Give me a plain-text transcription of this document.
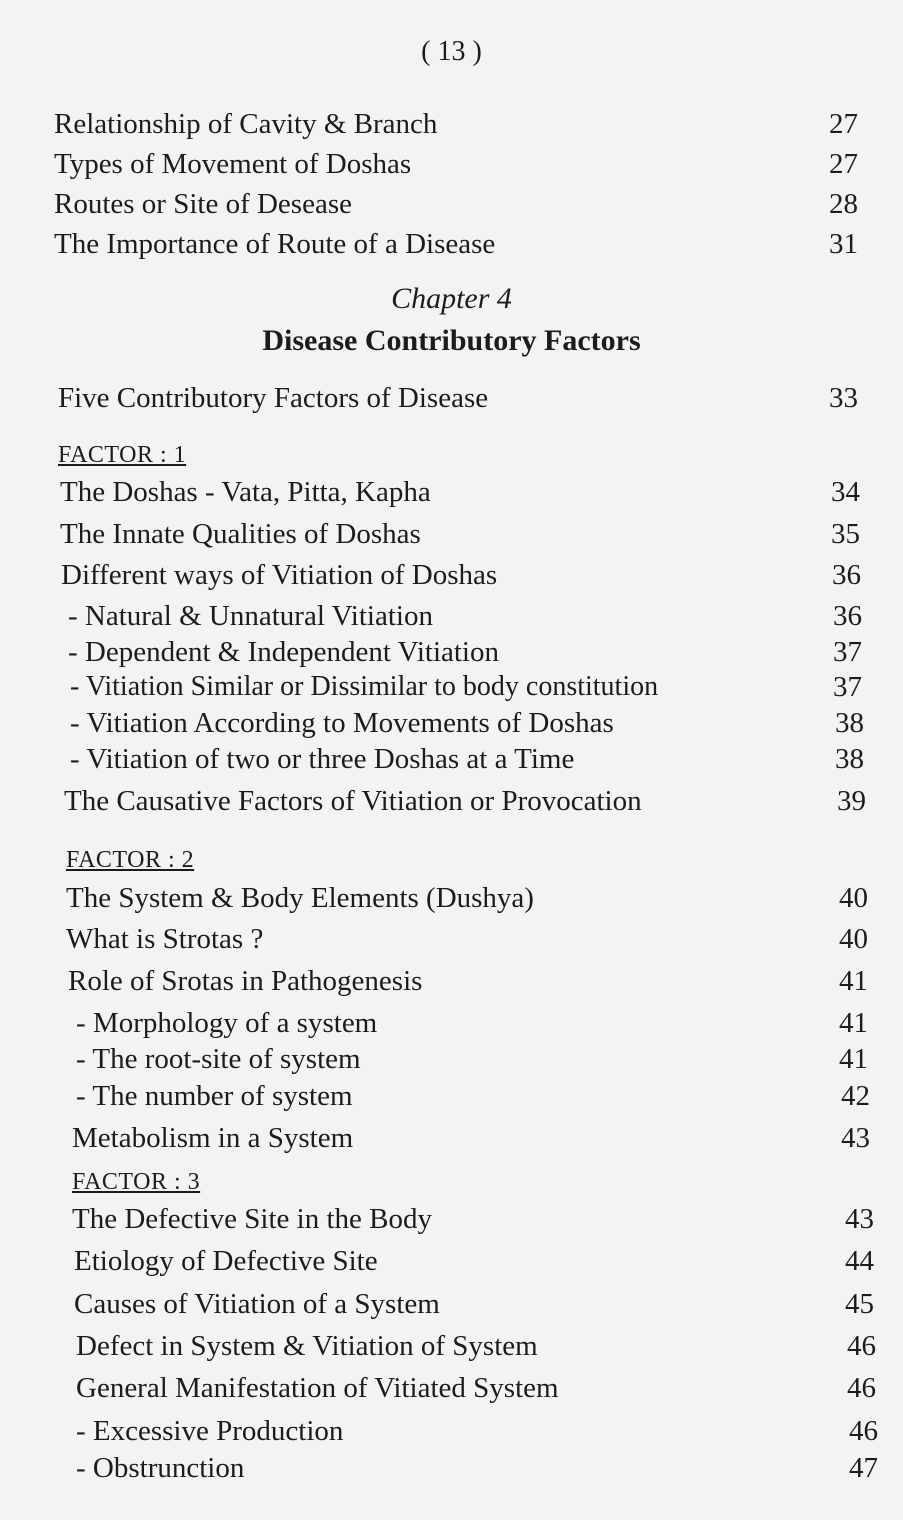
( 13 )
Relationship of Cavity & Branch	27
Types of Movement of Doshas	27
Routes or Site of Desease	28
The Importance of Route of a Disease	31
Chapter 4
Disease Contributory Factors
Five Contributory Factors of Disease	33
FACTOR : 1
The Doshas - Vata, Pitta, Kapha	34
The Innate Qualities of Doshas	35
Different ways of Vitiation of Doshas	36
- Natural & Unnatural Vitiation	36
- Dependent & Independent Vitiation	37
- Vitiation Similar or Dissimilar to body constitution	37
- Vitiation According to Movements of Doshas	38
- Vitiation of two or three Doshas at a Time	38
The Causative Factors of Vitiation or Provocation	39
FACTOR : 2
The System & Body Elements (Dushya)	40
What is Strotas ?	40
Role of Srotas in Pathogenesis	41
- Morphology of a system	41
- The root-site of system	41
- The number of system	42
Metabolism in a System	43
FACTOR : 3
The Defective Site in the Body	43
Etiology of Defective Site	44
Causes of Vitiation of a System	45
Defect in System & Vitiation of System	46
General Manifestation of Vitiated System	46
- Excessive Production	46
- Obstrunction	47
